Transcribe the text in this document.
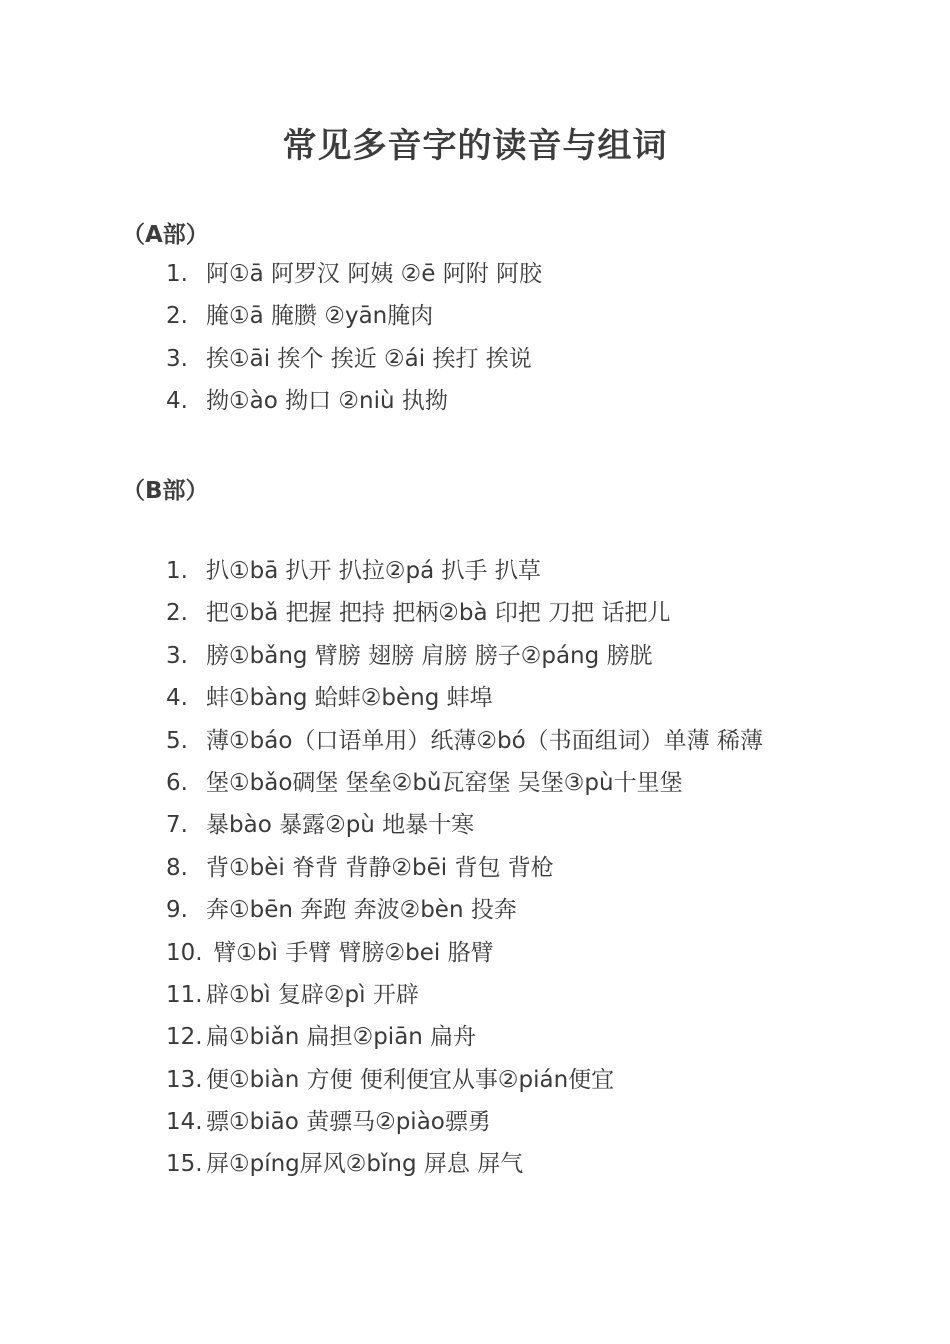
常见多音字的读音与组词
（A部）
1. 阿①ā 阿罗汉 阿姨 ②ē 阿附 阿胶
2. 腌①ā 腌臜 ②yān腌肉
3. 挨①āi 挨个 挨近 ②ái 挨打 挨说
4. 拗①ào 拗口 ②niù 执拗
（B部）
1. 扒①bā 扒开 扒拉②pá 扒手 扒草
2. 把①bǎ 把握 把持 把柄②bà 印把 刀把 话把儿
3. 膀①bǎng 臂膀 翅膀 肩膀 膀子②páng 膀胱
4. 蚌①bàng 蛤蚌②bèng 蚌埠
5. 薄①báo（口语单用）纸薄②bó（书面组词）单薄 稀薄
6. 堡①bǎo碉堡 堡垒②bǔ瓦窑堡 吴堡③pù十里堡
7. 暴bào 暴露②pù 地暴十寒
8. 背①bèi 脊背 背静②bēi 背包 背枪
9. 奔①bēn 奔跑 奔波②bèn 投奔
10. 臂①bì 手臂 臂膀②bei 胳臂
11. 辟①bì 复辟②pì 开辟
12. 扁①biǎn 扁担②piān 扁舟
13. 便①biàn 方便 便利便宜从事②pián便宜
14. 骠①biāo 黄骠马②piào骠勇
15. 屏①píng屏风②bǐng 屏息 屏气
